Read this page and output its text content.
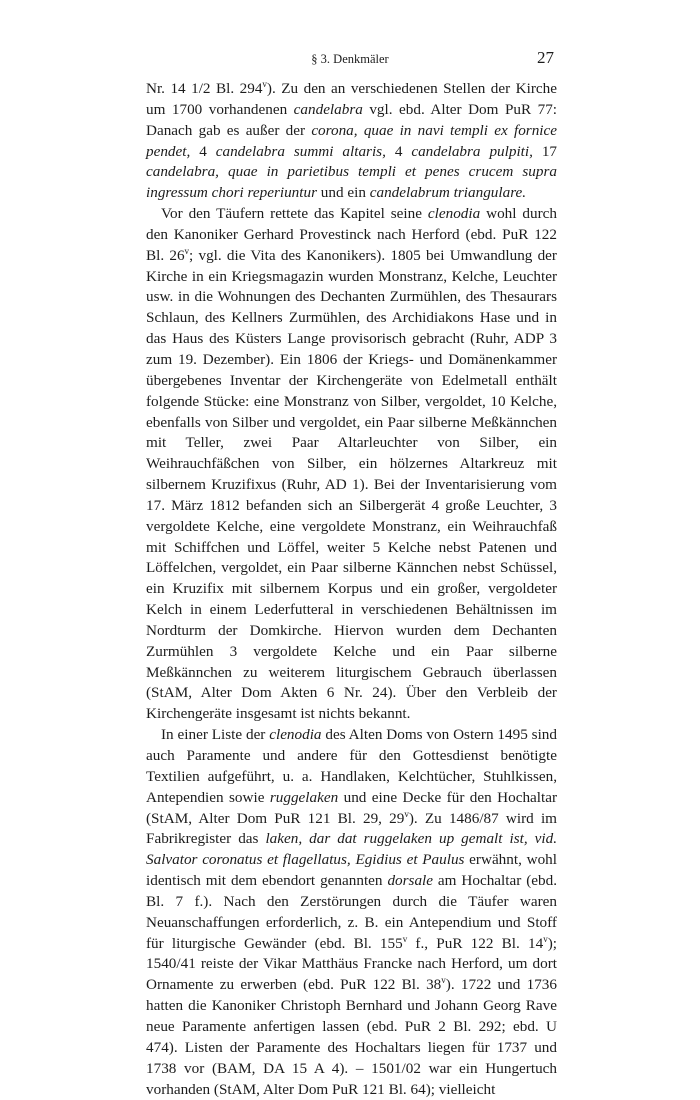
§ 3. Denkmäler	27

Nr. 14 1/2 Bl. 294$^v$). Zu den an verschiedenen Stellen der Kirche um 1700 vorhandenen candelabra vgl. ebd. Alter Dom PuR 77: Danach gab es außer der corona, quae in navi templi ex fornice pendet, 4 candelabra summi altaris, 4 candelabra pulpiti, 17 candelabra, quae in parietibus templi et penes crucem supra ingressum chori reperiuntur und ein candelabrum triangulare.

Vor den Täufern rettete das Kapitel seine clenodia wohl durch den Kanoniker Gerhard Provestinck nach Herford (ebd. PuR 122 Bl. 26$^v$; vgl. die Vita des Kanonikers). 1805 bei Umwandlung der Kirche in ein Kriegsmagazin wurden Monstranz, Kelche, Leuchter usw. in die Wohnungen des Dechanten Zurmühlen, des Thesaurars Schlaun, des Kellners Zurmühlen, des Archidiakons Hase und in das Haus des Küsters Lange provisorisch gebracht (Ruhr, ADP 3 zum 19. Dezember). Ein 1806 der Kriegs- und Domänenkammer übergebenes Inventar der Kirchengeräte von Edelmetall enthält folgende Stücke: eine Monstranz von Silber, vergoldet, 10 Kelche, ebenfalls von Silber und vergoldet, ein Paar silberne Meßkännchen mit Teller, zwei Paar Altarleuchter von Silber, ein Weihrauchfäßchen von Silber, ein hölzernes Altarkreuz mit silbernem Kruzifixus (Ruhr, AD 1). Bei der Inventarisierung vom 17. März 1812 befanden sich an Silbergerät 4 große Leuchter, 3 vergoldete Kelche, eine vergoldete Monstranz, ein Weihrauchfaß mit Schiffchen und Löffel, weiter 5 Kelche nebst Patenen und Löffelchen, vergoldet, ein Paar silberne Kännchen nebst Schüssel, ein Kruzifix mit silbernem Korpus und ein großer, vergoldeter Kelch in einem Lederfutteral in verschiedenen Behältnissen im Nordturm der Domkirche. Hiervon wurden dem Dechanten Zurmühlen 3 vergoldete Kelche und ein Paar silberne Meßkännchen zu weiterem liturgischem Gebrauch überlassen (StAM, Alter Dom Akten 6 Nr. 24). Über den Verbleib der Kirchengeräte insgesamt ist nichts bekannt.

In einer Liste der clenodia des Alten Doms von Ostern 1495 sind auch Paramente und andere für den Gottesdienst benötigte Textilien aufgeführt, u. a. Handlaken, Kelchtücher, Stuhlkissen, Antependien sowie ruggelaken und eine Decke für den Hochaltar (StAM, Alter Dom PuR 121 Bl. 29, 29$^v$). Zu 1486/87 wird im Fabrikregister das laken, dar dat ruggelaken up gemalt ist, vid. Salvator coronatus et flagellatus, Egidius et Paulus erwähnt, wohl identisch mit dem ebendort genannten dorsale am Hochaltar (ebd. Bl. 7 f.). Nach den Zerstörungen durch die Täufer waren Neuanschaffungen erforderlich, z. B. ein Antependium und Stoff für liturgische Gewänder (ebd. Bl. 155$^v$ f., PuR 122 Bl. 14$^v$); 1540/41 reiste der Vikar Matthäus Francke nach Herford, um dort Ornamente zu erwerben (ebd. PuR 122 Bl. 38$^v$). 1722 und 1736 hatten die Kanoniker Christoph Bernhard und Johann Georg Rave neue Paramente anfertigen lassen (ebd. PuR 2 Bl. 292; ebd. U 474). Listen der Paramente des Hochaltars liegen für 1737 und 1738 vor (BAM, DA 15 A 4). – 1501/02 war ein Hungertuch vorhanden (StAM, Alter Dom PuR 121 Bl. 64); vielleicht
